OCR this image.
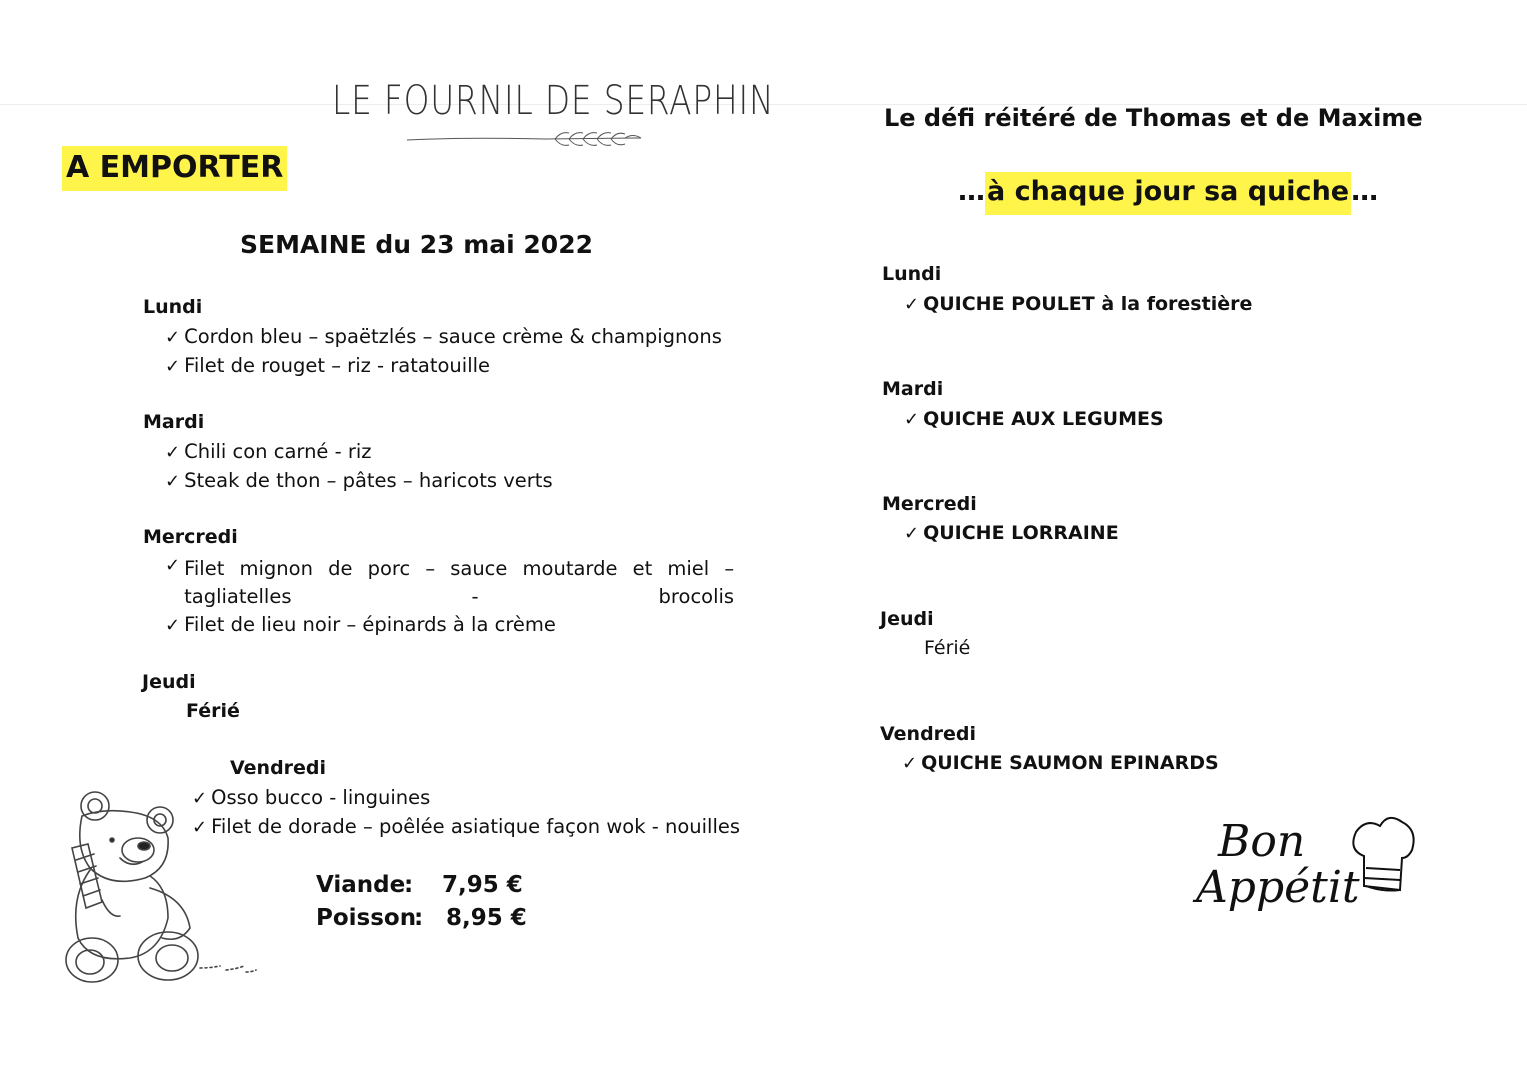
LE FOURNIL DE SERAPHIN
A EMPORTER
SEMAINE du 23 mai 2022
Lundi
✓ Cordon bleu – spaëtzlés – sauce crème & champignons
✓ Filet de rouget – riz - ratatouille
Mardi
✓ Chili con carné - riz
✓ Steak de thon – pâtes – haricots verts
Mercredi
✓ Filet mignon de porc – sauce moutarde et miel – tagliatelles - brocolis
✓ Filet de lieu noir – épinards à la crème
Jeudi
Férié
Vendredi
✓ Osso bucco - linguines
✓ Filet de dorade – poêlée asiatique façon wok - nouilles
Viande : 7,95 €
Poisson : 8,95 €
Le défi réitéré de Thomas et de Maxime
…à chaque jour sa quiche…
Lundi
✓ QUICHE POULET à la forestière
Mardi
✓ QUICHE AUX LEGUMES
Mercredi
✓ QUICHE LORRAINE
Jeudi
Férié
Vendredi
✓ QUICHE SAUMON EPINARDS
Bon
Appétit
